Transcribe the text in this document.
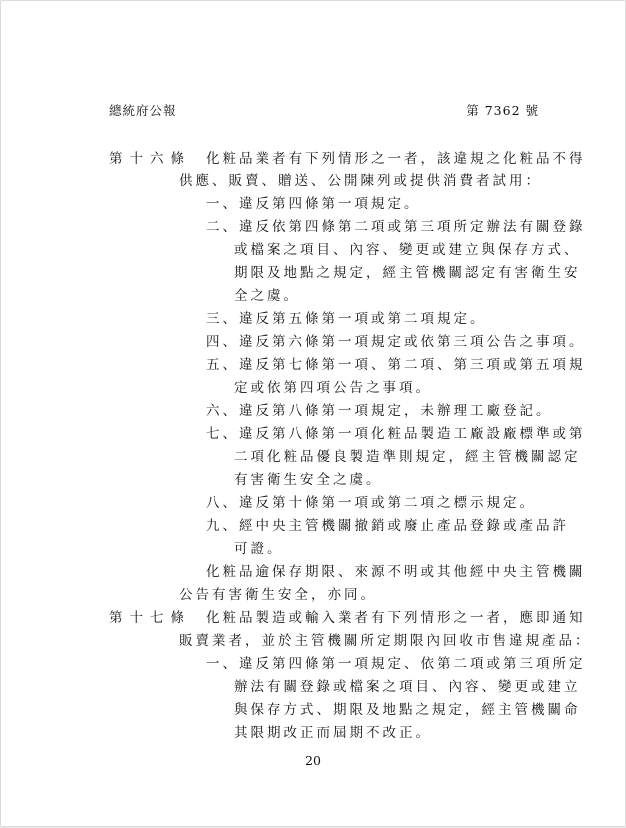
總統府公報	第 7362 號
第十六條 化粧品業者有下列情形之一者，該違規之化粧品不得
供應、販賣、贈送、公開陳列或提供消費者試用：
一、違反第四條第一項規定。
二、違反依第四條第二項或第三項所定辦法有關登錄
或檔案之項目、內容、變更或建立與保存方式、
期限及地點之規定，經主管機關認定有害衛生安
全之虞。
三、違反第五條第一項或第二項規定。
四、違反第六條第一項規定或依第三項公告之事項。
五、違反第七條第一項、第二項、第三項或第五項規
定或依第四項公告之事項。
六、違反第八條第一項規定，未辦理工廠登記。
七、違反第八條第一項化粧品製造工廠設廠標準或第
二項化粧品優良製造準則規定，經主管機關認定
有害衛生安全之虞。
八、違反第十條第一項或第二項之標示規定。
九、經中央主管機關撤銷或廢止產品登錄或產品許
可證。
化粧品逾保存期限、來源不明或其他經中央主管機關
公告有害衛生安全，亦同。
第十七條 化粧品製造或輸入業者有下列情形之一者，應即通知
販賣業者，並於主管機關所定期限內回收市售違規產品：
一、違反第四條第一項規定、依第二項或第三項所定
辦法有關登錄或檔案之項目、內容、變更或建立
與保存方式、期限及地點之規定，經主管機關命
其限期改正而屆期不改正。
20
